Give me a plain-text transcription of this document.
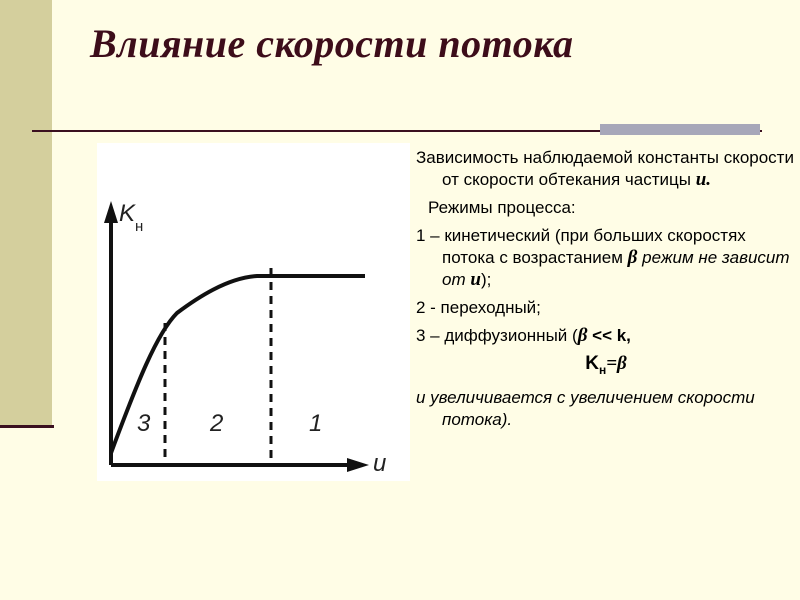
Влияние скорости потока
K н
u
3 2	1

Зависимость наблюдаемой константы скорости от скорости обтекания частицы u.

Режимы процесса:

1 – кинетический (при больших скоростях потока с возрастанием β режим не зависит от u);

2 - переходный;

3 – диффузионный (β << k,

$K_н=\beta$

и увеличивается с увеличением скорости потока).
